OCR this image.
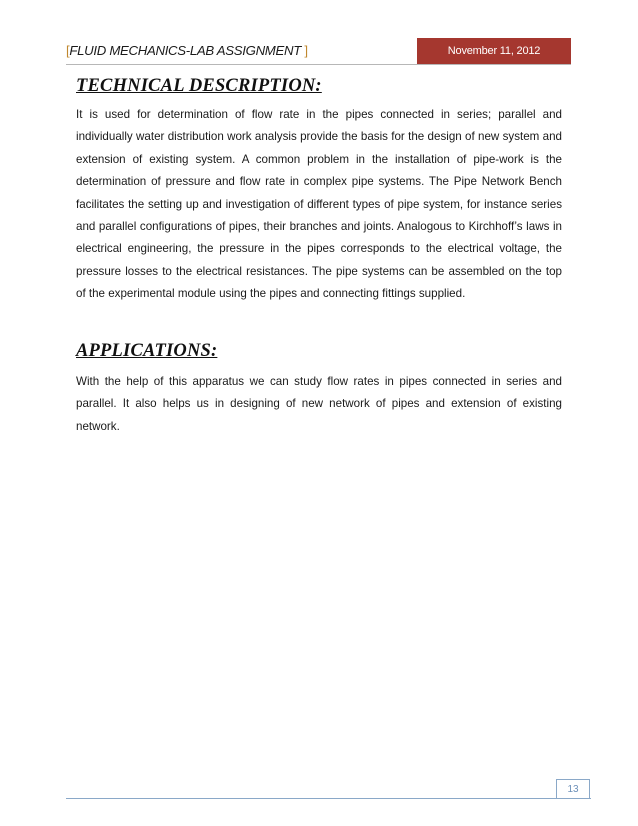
[FLUID MECHANICS-LAB ASSIGNMENT ]	November 11, 2012
TECHNICAL DESCRIPTION:

It is used for determination of flow rate in the pipes connected in series; parallel and individually water distribution work analysis provide the basis for the design of new system and extension of existing system. A common problem in the installation of pipe-work is the determination of pressure and flow rate in complex pipe systems. The Pipe Network Bench facilitates the setting up and investigation of different types of pipe system, for instance series and parallel configurations of pipes, their branches and joints. Analogous to Kirchhoff’s laws in electrical engineering, the pressure in the pipes corresponds to the electrical voltage, the pressure losses to the electrical resistances. The pipe systems can be assembled on the top of the experimental module using the pipes and connecting fittings supplied.

APPLICATIONS:

With the help of this apparatus we can study flow rates in pipes connected in series and parallel. It also helps us in designing of new network of pipes and extension of existing network.

13
